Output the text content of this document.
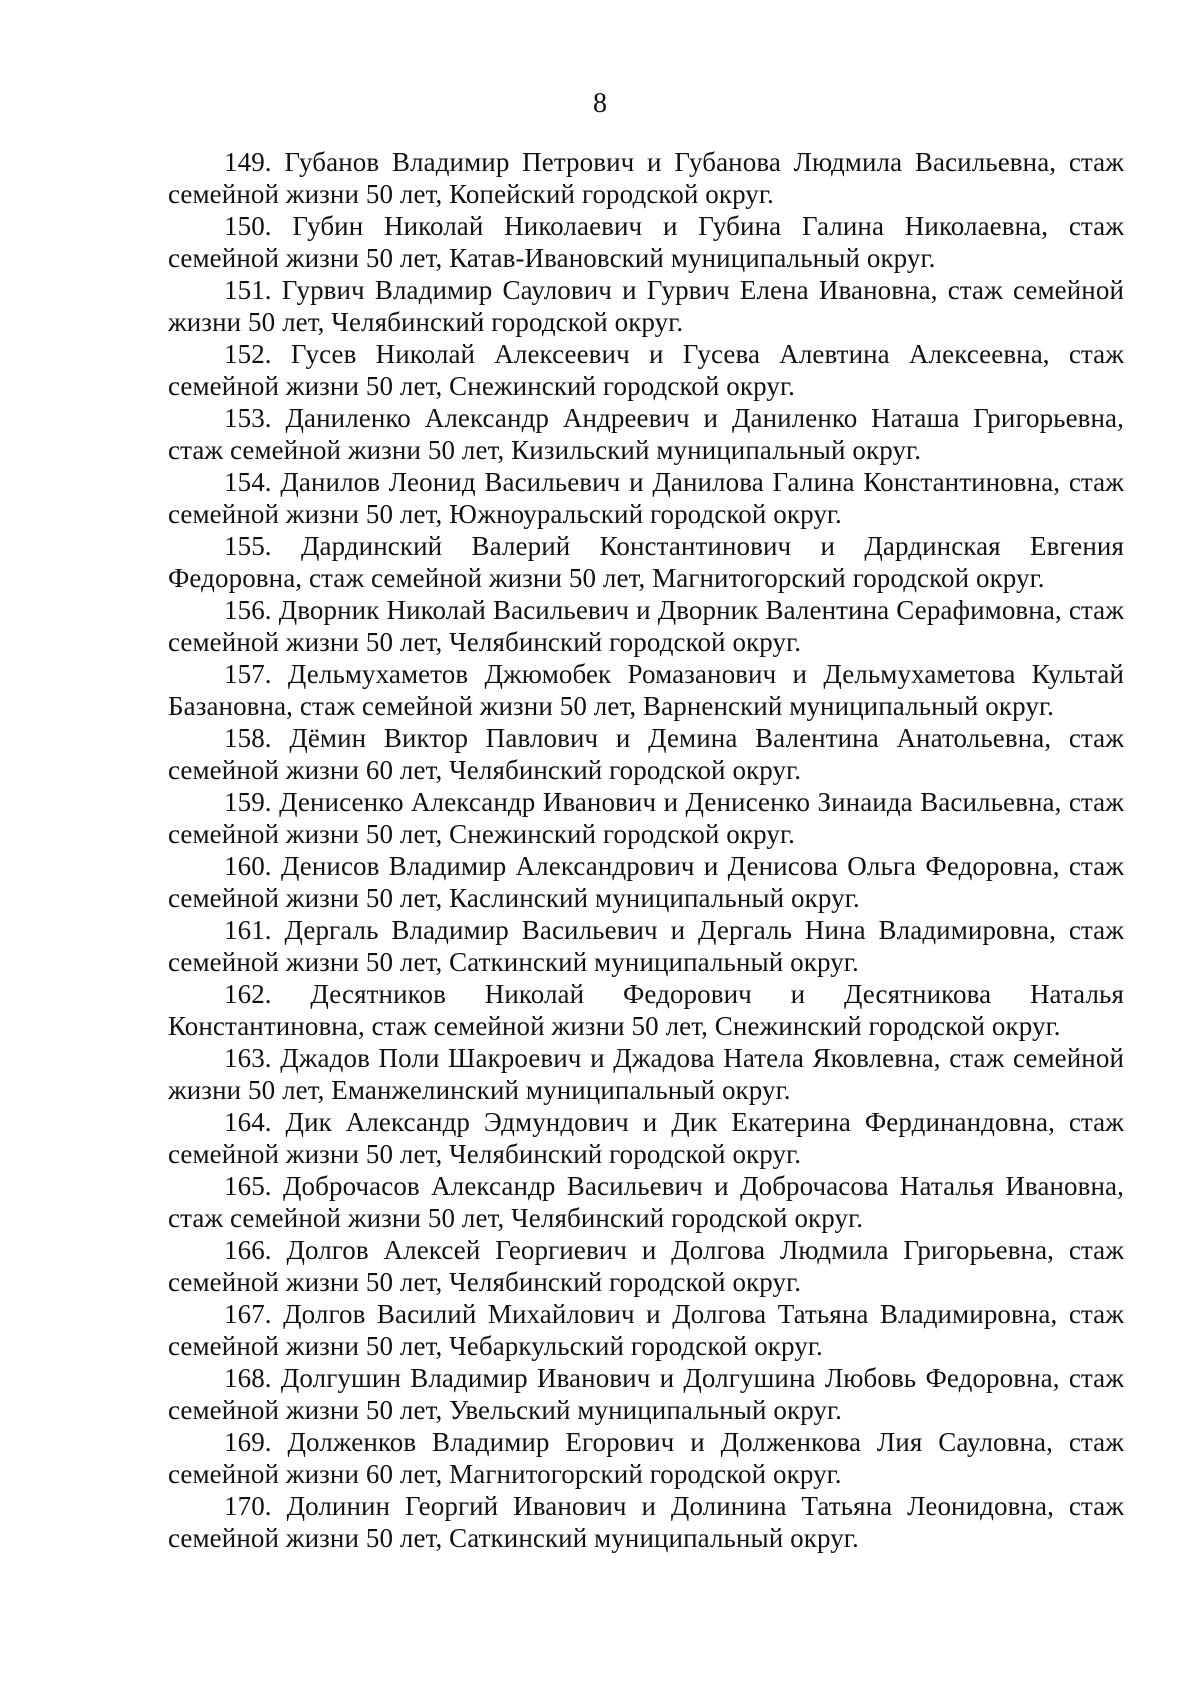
8

149. Губанов Владимир Петрович и Губанова Людмила Васильевна, стаж семейной жизни 50 лет, Копейский городской округ.

150. Губин Николай Николаевич и Губина Галина Николаевна, стаж семейной жизни 50 лет, Катав-Ивановский муниципальный округ.

151. Гурвич Владимир Саулович и Гурвич Елена Ивановна, стаж семейной жизни 50 лет, Челябинский городской округ.

152. Гусев Николай Алексеевич и Гусева Алевтина Алексеевна, стаж семейной жизни 50 лет, Снежинский городской округ.

153. Даниленко Александр Андреевич и Даниленко Наташа Григорьевна, стаж семейной жизни 50 лет, Кизильский муниципальный округ.

154. Данилов Леонид Васильевич и Данилова Галина Константиновна, стаж семейной жизни 50 лет, Южноуральский городской округ.

155. Дардинский Валерий Константинович и Дардинская Евгения Федоровна, стаж семейной жизни 50 лет, Магнитогорский городской округ.

156. Дворник Николай Васильевич и Дворник Валентина Серафимовна, стаж семейной жизни 50 лет, Челябинский городской округ.

157. Дельмухаметов Джюмобек Ромазанович и Дельмухаметова Культай Базановна, стаж семейной жизни 50 лет, Варненский муниципальный округ.

158. Дёмин Виктор Павлович и Демина Валентина Анатольевна, стаж семейной жизни 60 лет, Челябинский городской округ.

159. Денисенко Александр Иванович и Денисенко Зинаида Васильевна, стаж семейной жизни 50 лет, Снежинский городской округ.

160. Денисов Владимир Александрович и Денисова Ольга Федоровна, стаж семейной жизни 50 лет, Каслинский муниципальный округ.

161. Дергаль Владимир Васильевич и Дергаль Нина Владимировна, стаж семейной жизни 50 лет, Саткинский муниципальный округ.

162. Десятников Николай Федорович и Десятникова Наталья Константиновна, стаж семейной жизни 50 лет, Снежинский городской округ.

163. Джадов Поли Шакроевич и Джадова Натела Яковлевна, стаж семейной жизни 50 лет, Еманжелинский муниципальный округ.

164. Дик Александр Эдмундович и Дик Екатерина Фердинандовна, стаж семейной жизни 50 лет, Челябинский городской округ.

165. Доброчасов Александр Васильевич и Доброчасова Наталья Ивановна, стаж семейной жизни 50 лет, Челябинский городской округ.

166. Долгов Алексей Георгиевич и Долгова Людмила Григорьевна, стаж семейной жизни 50 лет, Челябинский городской округ.

167. Долгов Василий Михайлович и Долгова Татьяна Владимировна, стаж семейной жизни 50 лет, Чебаркульский городской округ.

168. Долгушин Владимир Иванович и Долгушина Любовь Федоровна, стаж семейной жизни 50 лет, Увельский муниципальный округ.

169. Долженков Владимир Егорович и Долженкова Лия Сауловна, стаж семейной жизни 60 лет, Магнитогорский городской округ.

170. Долинин Георгий Иванович и Долинина Татьяна Леонидовна, стаж семейной жизни 50 лет, Саткинский муниципальный округ.
